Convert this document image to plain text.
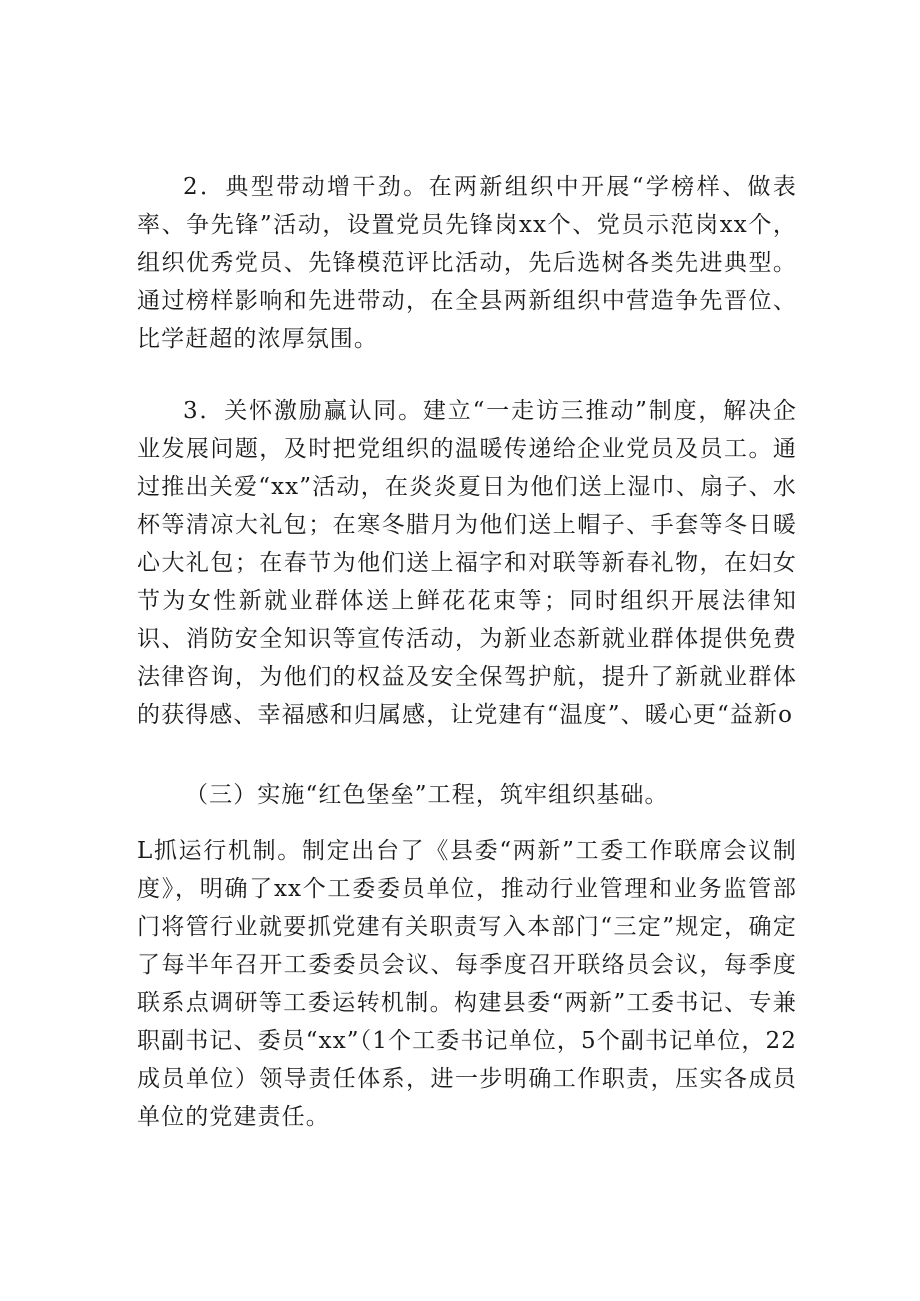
2．典型带动增干劲。在两新组织中开展“学榜样、做表率、争先锋”活动，设置党员先锋岗xx个、党员示范岗xx个，组织优秀党员、先锋模范评比活动，先后选树各类先进典型。通过榜样影响和先进带动，在全县两新组织中营造争先晋位、比学赶超的浓厚氛围。

3．关怀激励赢认同。建立“一走访三推动”制度，解决企业发展问题，及时把党组织的温暖传递给企业党员及员工。通过推出关爱“xx”活动，在炎炎夏日为他们送上湿巾、扇子、水杯等清凉大礼包；在寒冬腊月为他们送上帽子、手套等冬日暖心大礼包；在春节为他们送上福字和对联等新春礼物，在妇女节为女性新就业群体送上鲜花花束等；同时组织开展法律知识、消防安全知识等宣传活动，为新业态新就业群体提供免费法律咨询，为他们的权益及安全保驾护航，提升了新就业群体的获得感、幸福感和归属感，让党建有“温度”、暖心更“益新o

（三）实施“红色堡垒”工程，筑牢组织基础。

L抓运行机制。制定出台了《县委“两新”工委工作联席会议制度》，明确了xx个工委委员单位，推动行业管理和业务监管部门将管行业就要抓党建有关职责写入本部门“三定”规定，确定了每半年召开工委委员会议、每季度召开联络员会议，每季度联系点调研等工委运转机制。构建县委“两新”工委书记、专兼职副书记、委员“xx”（1个工委书记单位，5个副书记单位，22成员单位）领导责任体系，进一步明确工作职责，压实各成员单位的党建责任。
